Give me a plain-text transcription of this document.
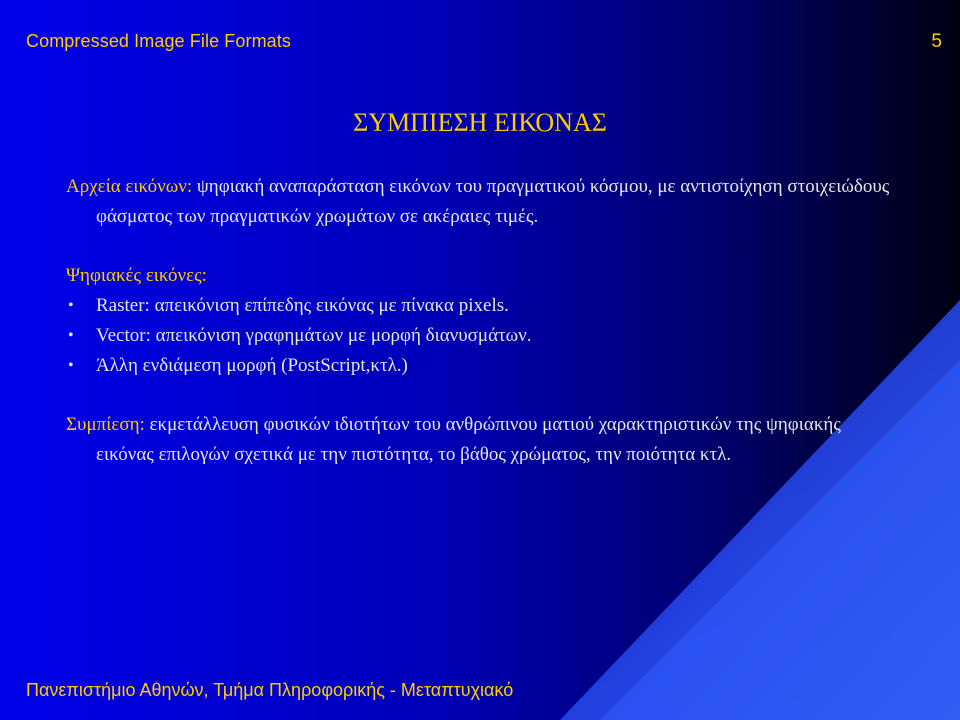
Compressed Image File Formats	5
ΣΥΜΠΙΕΣΗ ΕΙΚΟΝΑΣ

Αρχεία εικόνων: ψηφιακή αναπαράσταση εικόνων του πραγματικού κόσμου, με αντιστοίχηση στοιχειώδους φάσματος των πραγματικών χρωμάτων σε ακέραιες τιμές.

Ψηφιακές εικόνες:

• Raster: απεικόνιση επίπεδης εικόνας με πίνακα pixels.
• Vector: απεικόνιση γραφημάτων με μορφή διανυσμάτων.
• Άλλη ενδιάμεση μορφή (PostScript,κτλ.)

Συμπίεση: εκμετάλλευση φυσικών ιδιοτήτων του ανθρώπινου ματιού χαρακτηριστικών της ψηφιακής εικόνας επιλογών σχετικά με την πιστότητα, το βάθος χρώματος, την ποιότητα κτλ.

Πανεπιστήμιο Αθηνών, Τμήμα Πληροφορικής - Μεταπτυχιακό
